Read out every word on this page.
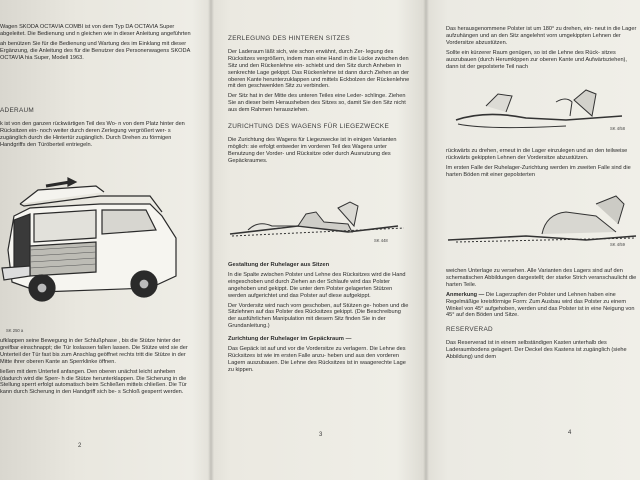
Wagen SKODA OCTAVIA COMBI ist von dem Typ DA OCTAVIA Super abgeleitet. Die Bedienung und n gleichen wie in dieser Anleitung angeführten

ah benützen Sie für die Bedienung und Wartung des im Einklang mit dieser Ergänzung, die Anleitung des für die Benutzer des Personenwagens SKODA OCTAVIA hia Super, Modell 1963.

ADERAUM

k ist von den ganzen rückwärtigen Teil des Wo- n von dem Platz hinter den Rücksitzen ein- noch weiter durch deren Zerlegung vergrößert wer- s zugänglich durch die Hintertür zugänglich. Durch Drehen zu förmigen Handgriffs den Türöberteil entriegeln.

SK 250 a

ufklappen seine Bewegung in der Schlußphase , bis die Stütze hinter der greifbar einschnappt; die Tür loslassen fallen lassen. Die Stütze wird sie der Unterteil der Tür fast bis zum Anschlag geöffnet rechts tritt die Stütze in der Mitte ihrer oberen Kante an Sperrklinke öffnen.

ließen mit dem Unterteil anfangen. Den oberen unächst leicht anheben (dadurch wird die Sperr- h die Stütze herunterklappen. Die Sicherung in die Stellung sperrt erfolgt automatisch beim Schließen mittels chließen. Die Tür kann durch Sicherung in den Handgriff sich be- s Schloß gesperrt werden.

2
ZERLEGUNG DES HINTEREN SITZES

Der Laderaum läßt sich, wie schon erwähnt, durch Zer- legung des Rücksitzes vergrößern, indem man eine Hand in die Lücke zwischen den Sitz und den Rückenlehne ein- schiebt und den Sitz durch Anheben in senkrechte Lage gekippt. Das Rückenlehne ist dann durch Ziehen an der oberen Kante herunterzuklappen und mittels Eckbolzen der Rückenlehne mit den geschwenkten Sitz zu verbinden.

Der Sitz hat in der Mitte des unteren Teiles eine Leder- schlinge. Ziehen Sie an dieser beim Herausheben des Sitzes so, damit Sie den Sitz nicht aus dem Rahmen herausziehen.

ZURICHTUNG DES WAGENS FÜR LIEGEZWECKE

Die Zurichtung des Wagens für Liegezwecke ist in einigen Varianten möglich: sie erfolgt entweder im vorderen Teil des Wagens unter Benutzung der Vorder- und Rücksitze oder durch Ausnutzung des Gepäckraumes.

SK 448
Gestaltung der Ruhelager aus Sitzen

In die Spalte zwischen Polster und Lehne des Rücksitzes wird die Hand eingeschoben und durch Ziehen an der Schlaufe wird das Polster angehoben und gekippt. Die unter dem Polster gelagerten Stützen werden aufgerichtet und das Polster auf diese aufgekippt.

Der Vordersitz wird nach vorn geschoben, auf Stützen ge- hoben und die Sitzlehnen auf das Polster des Rücksitzes gekippt. (Die Beschreibung der ausführlichen Manipulation mit diesem Sitz finden Sie in der Grundanleitung.)

Zurichtung der Ruhelager im Gepäckraum —

Das Gepäck ist auf und vor die Vordersitze zu verlagern. Die Lehne des Rücksitzes ist wie im ersten Falle anzu- heben und aus den vorderen Lagern auszubauen. Die Lehne des Rücksitzes ist in waagerechte Lage zu kippen.

3

Das herausgenommene Polster ist um 180° zu drehen, ein- neut in die Lager aufzuhängen und an den Sitz angelehnt vorn umgekippten Lehnen der Vordersitze abzustützen.

Sollte ein kürzerer Raum genügen, so ist die Lehne des Rück- sitzes auszubauen (durch Herumkippen zur oberen Kante und Aufwärtsziehen), dann ist der gepolsterte Teil nach

SK 4/58

rückwärts zu drehen, erneut in die Lager einzulegen und an den teilweise rückwärts gekippten Lehnen der Vordersitze abzustützen.

Im ersten Falle der Ruhelager-Zurichtung werden im zweiten Falle sind die harten Böden mit einer gepolsterten

SK 4/59

weichen Unterlage zu versehen. Alle Varianten des Lagers sind auf den schematischen Abbildungen dargestellt; der starke Strich veranschaulicht die harten Teile.

Anmerkung — Die Lagerzapfen der Polster und Lehnen haben eine Regelmäßige kreisförmige Form: Zum Ausbau wird das Polster zu einem Winkel von 45° aufgehoben, werden und das Polster ist in eine Neigung von 45° auf den Böden und Sitze.

RESERVERAD

Das Reserverad ist in einem selbständigen Kasten unterhalb des Laderaumbodens gelagert. Der Deckel des Kastens ist zugänglich (siehe Abbildung) und dem

4
